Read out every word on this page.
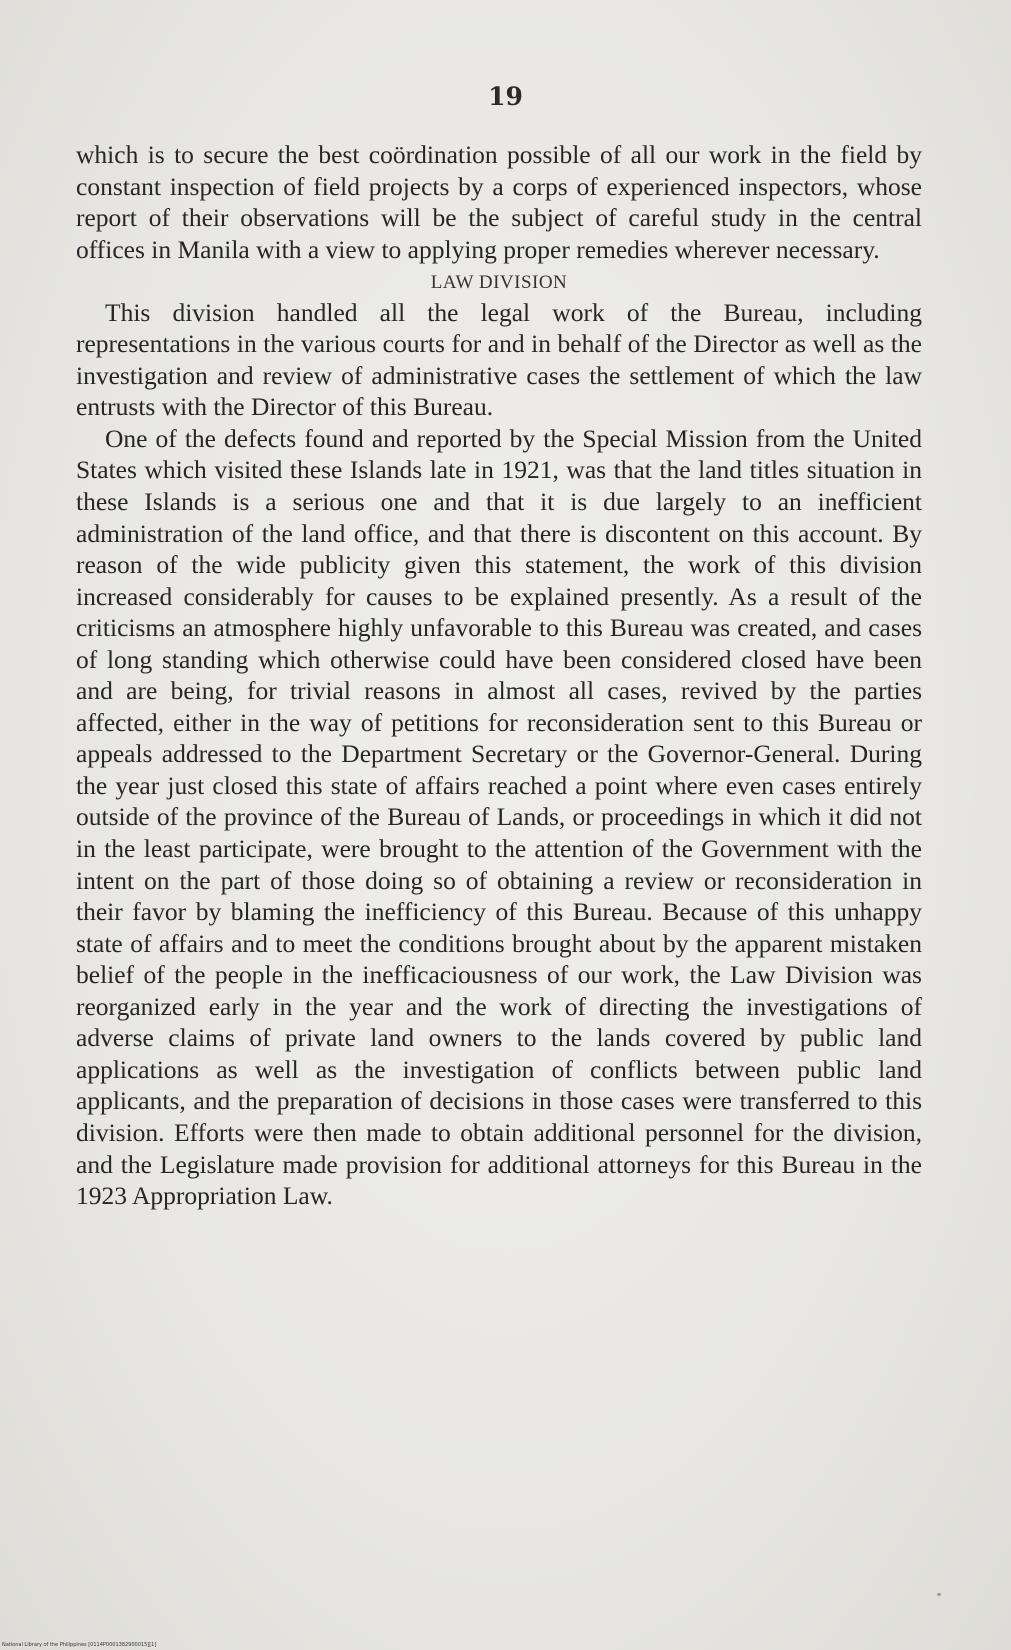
19

which is to secure the best coördination possible of all our work in the field by constant inspection of field projects by a corps of experienced inspectors, whose report of their observations will be the subject of careful study in the central offices in Manila with a view to applying proper remedies wherever necessary.

LAW DIVISION

This division handled all the legal work of the Bureau, including representations in the various courts for and in behalf of the Director as well as the investigation and review of administrative cases the settlement of which the law entrusts with the Director of this Bureau.

One of the defects found and reported by the Special Mission from the United States which visited these Islands late in 1921, was that the land titles situation in these Islands is a serious one and that it is due largely to an inefficient administration of the land office, and that there is discontent on this account. By reason of the wide publicity given this statement, the work of this division increased considerably for causes to be explained presently. As a result of the criticisms an atmosphere highly unfavorable to this Bureau was created, and cases of long standing which otherwise could have been considered closed have been and are being, for trivial reasons in almost all cases, revived by the parties affected, either in the way of petitions for reconsideration sent to this Bureau or appeals addressed to the Department Secretary or the Governor-General. During the year just closed this state of affairs reached a point where even cases entirely outside of the province of the Bureau of Lands, or proceedings in which it did not in the least participate, were brought to the attention of the Government with the intent on the part of those doing so of obtaining a review or reconsideration in their favor by blaming the inefficiency of this Bureau. Because of this unhappy state of affairs and to meet the conditions brought about by the apparent mistaken belief of the people in the inefficaciousness of our work, the Law Division was reorganized early in the year and the work of directing the investigations of adverse claims of private land owners to the lands covered by public land applications as well as the investigation of conflicts between public land applicants, and the preparation of decisions in those cases were transferred to this division. Efforts were then made to obtain additional personnel for the division, and the Legislature made provision for additional attorneys for this Bureau in the 1923 Appropriation Law.

National Library of the Philippines [0114P0001382900015][1]
